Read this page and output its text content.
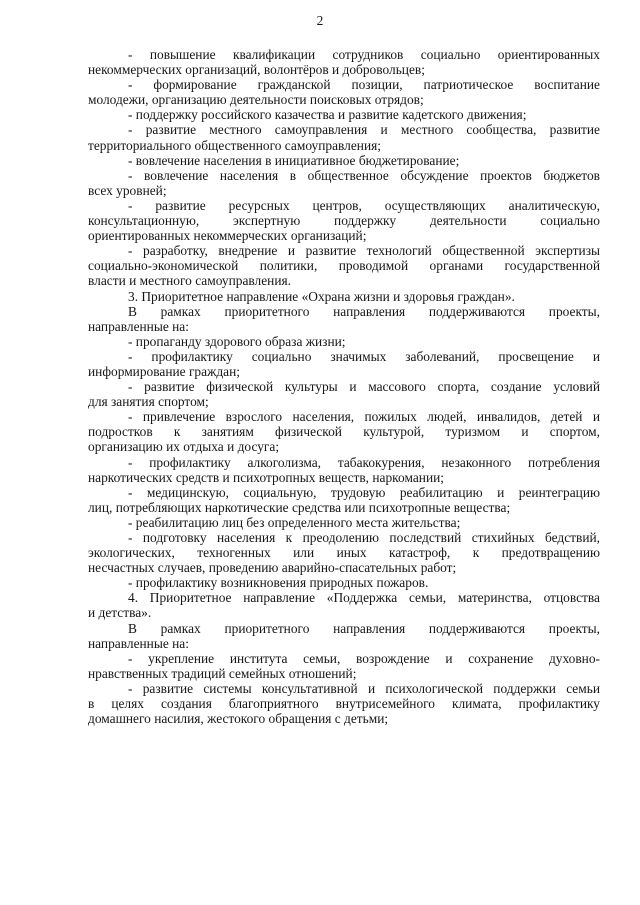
2
- повышение квалификации сотрудников социально ориентированных
некоммерческих организаций, волонтёров и добровольцев;
- формирование гражданской позиции, патриотическое воспитание
молодежи, организацию деятельности поисковых отрядов;
- поддержку российского казачества и развитие кадетского движения;
- развитие местного самоуправления и местного сообщества, развитие
территориального общественного самоуправления;
- вовлечение населения в инициативное бюджетирование;
- вовлечение населения в общественное обсуждение проектов бюджетов
всех уровней;
- развитие ресурсных центров, осуществляющих аналитическую,
консультационную, экспертную поддержку деятельности социально
ориентированных некоммерческих организаций;
- разработку, внедрение и развитие технологий общественной экспертизы
социально-экономической политики, проводимой органами государственной
власти и местного самоуправления.
3. Приоритетное направление «Охрана жизни и здоровья граждан».
В рамках приоритетного направления поддерживаются проекты,
направленные на:
- пропаганду здорового образа жизни;
- профилактику социально значимых заболеваний, просвещение и
информирование граждан;
- развитие физической культуры и массового спорта, создание условий
для занятия спортом;
- привлечение взрослого населения, пожилых людей, инвалидов, детей и
подростков к занятиям физической культурой, туризмом и спортом,
организацию их отдыха и досуга;
- профилактику алкоголизма, табакокурения, незаконного потребления
наркотических средств и психотропных веществ, наркомании;
- медицинскую, социальную, трудовую реабилитацию и реинтеграцию
лиц, потребляющих наркотические средства или психотропные вещества;
- реабилитацию лиц без определенного места жительства;
- подготовку населения к преодолению последствий стихийных бедствий,
экологических, техногенных или иных катастроф, к предотвращению
несчастных случаев, проведению аварийно-спасательных работ;
- профилактику возникновения природных пожаров.
4. Приоритетное направление «Поддержка семьи, материнства, отцовства
и детства».
В рамках приоритетного направления поддерживаются проекты,
направленные на:
- укрепление института семьи, возрождение и сохранение духовно-
нравственных традиций семейных отношений;
- развитие системы консультативной и психологической поддержки семьи
в целях создания благоприятного внутрисемейного климата, профилактику
домашнего насилия, жестокого обращения с детьми;
